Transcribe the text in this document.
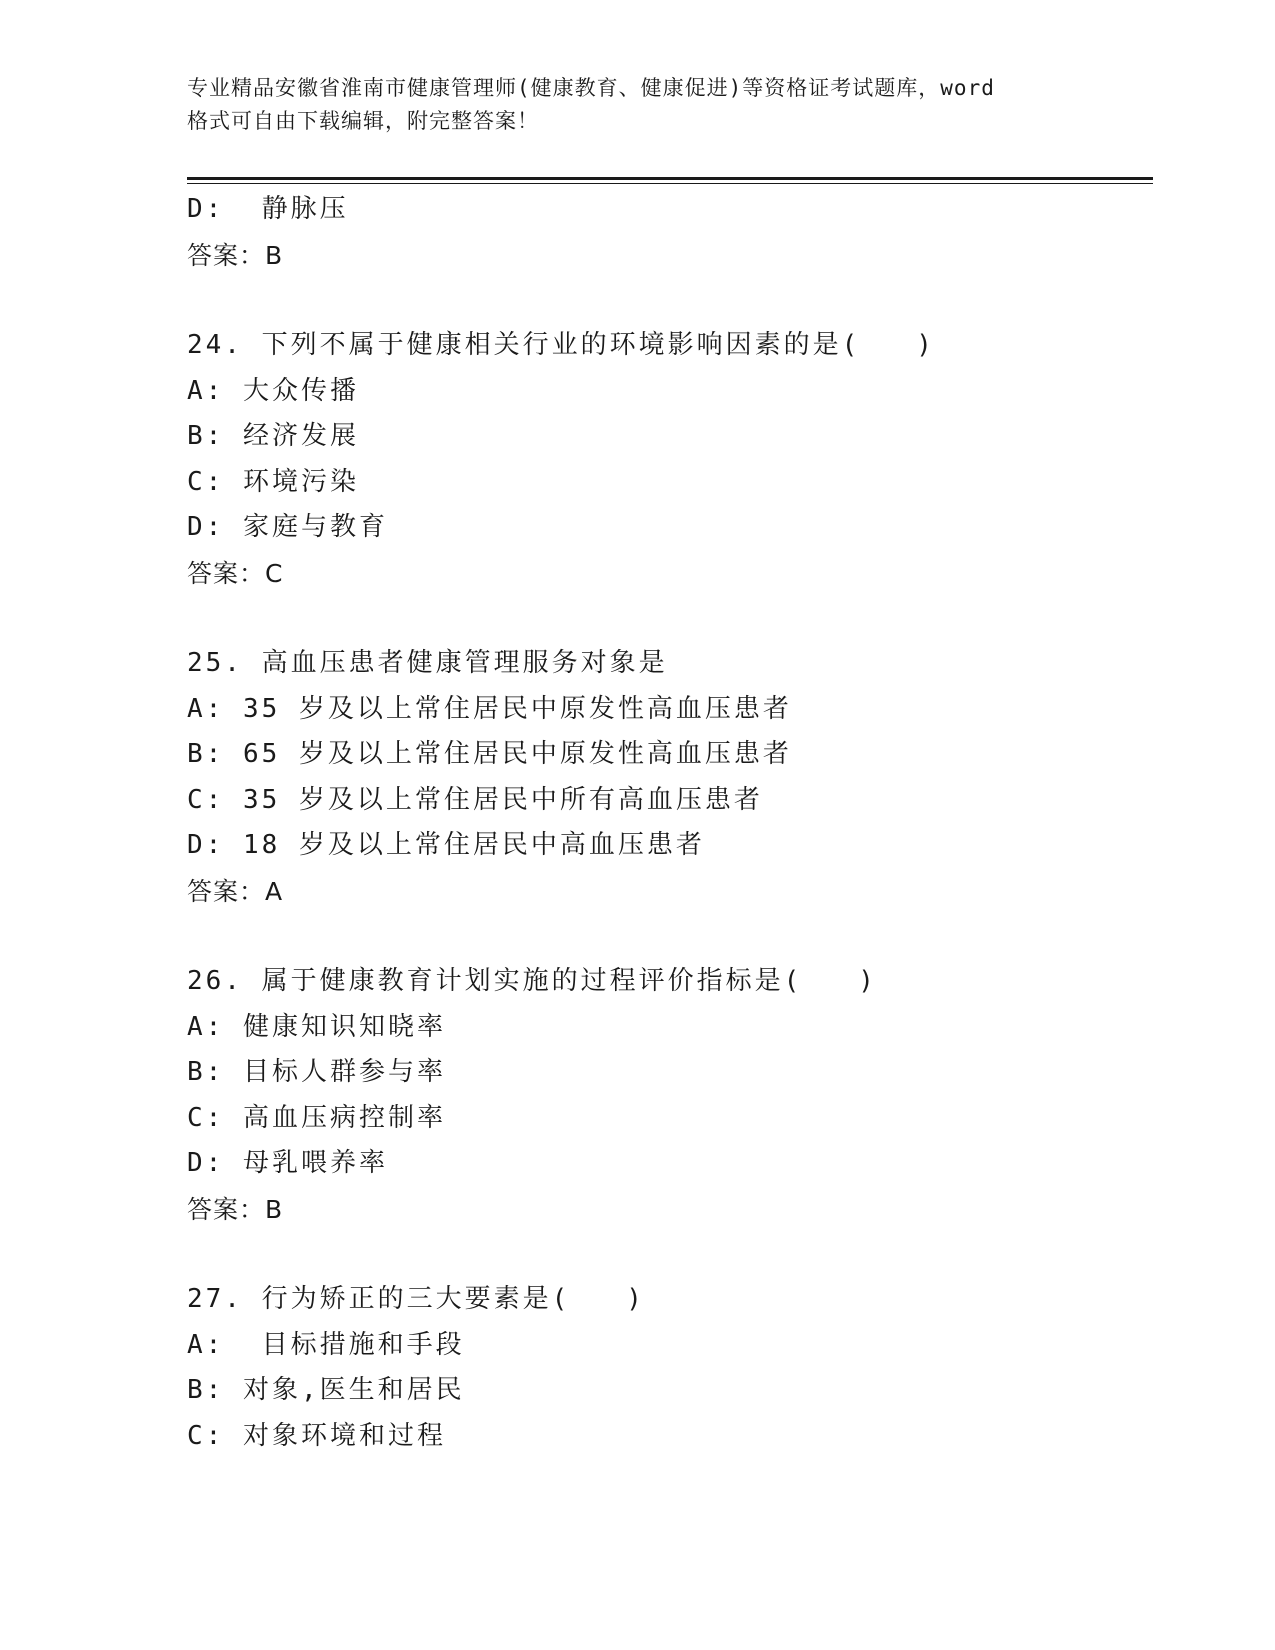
专业精品安徽省淮南市健康管理师(健康教育、健康促进)等资格证考试题库，word
格式可自由下载编辑，附完整答案！
D:  静脉压
答案：B
24. 下列不属于健康相关行业的环境影响因素的是(   )
A: 大众传播
B: 经济发展
C: 环境污染
D: 家庭与教育
答案：C
25. 高血压患者健康管理服务对象是
A: 35 岁及以上常住居民中原发性高血压患者
B: 65 岁及以上常住居民中原发性高血压患者
C: 35 岁及以上常住居民中所有高血压患者
D: 18 岁及以上常住居民中高血压患者
答案：A
26. 属于健康教育计划实施的过程评价指标是(   )
A: 健康知识知晓率
B: 目标人群参与率
C: 高血压病控制率
D: 母乳喂养率
答案：B
27. 行为矫正的三大要素是(   )
A:  目标措施和手段
B: 对象,医生和居民
C: 对象环境和过程
